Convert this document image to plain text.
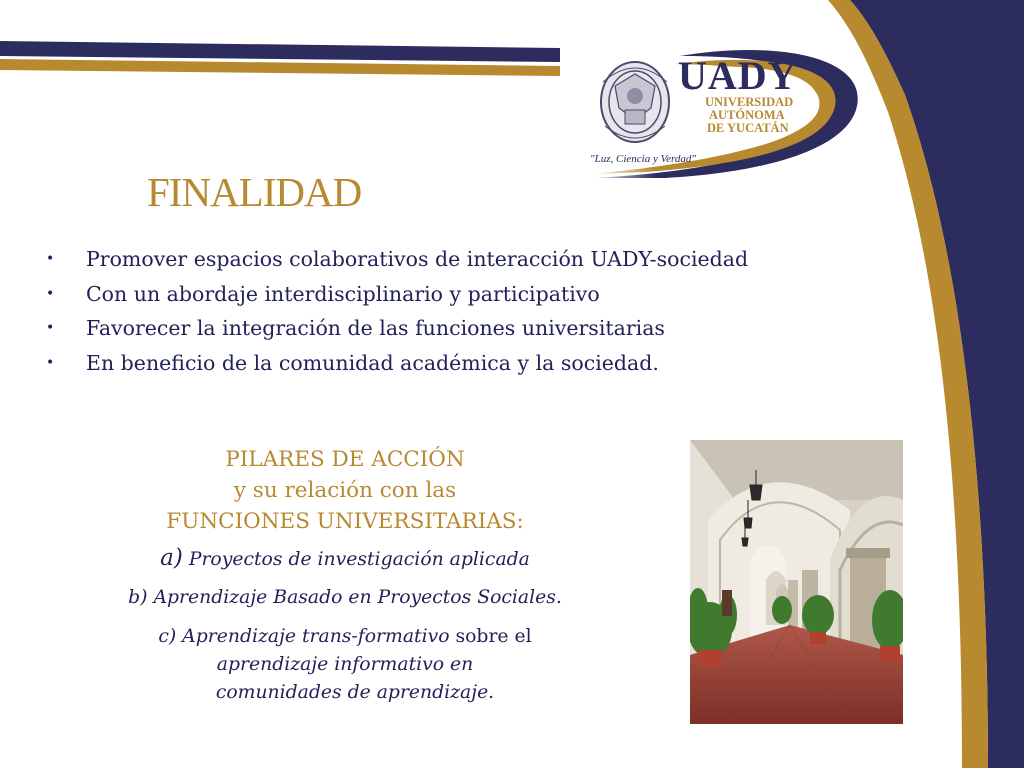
UADY
UNIVERSIDAD
AUTÓNOMA
DE YUCATÁN
"Luz, Ciencia y Verdad"
FINALIDAD
• Promover espacios colaborativos de interacción UADY-sociedad
• Con un abordaje interdisciplinario y participativo
• Favorecer la integración de las funciones universitarias
• En beneficio de la comunidad académica y la sociedad.
PILARES DE ACCIÓN
y su relación con las
FUNCIONES UNIVERSITARIAS:
a) Proyectos de investigación aplicada
b) Aprendizaje Basado en Proyectos Sociales.
c) Aprendizaje trans-formativo sobre el
aprendizaje informativo en
comunidades de aprendizaje.
